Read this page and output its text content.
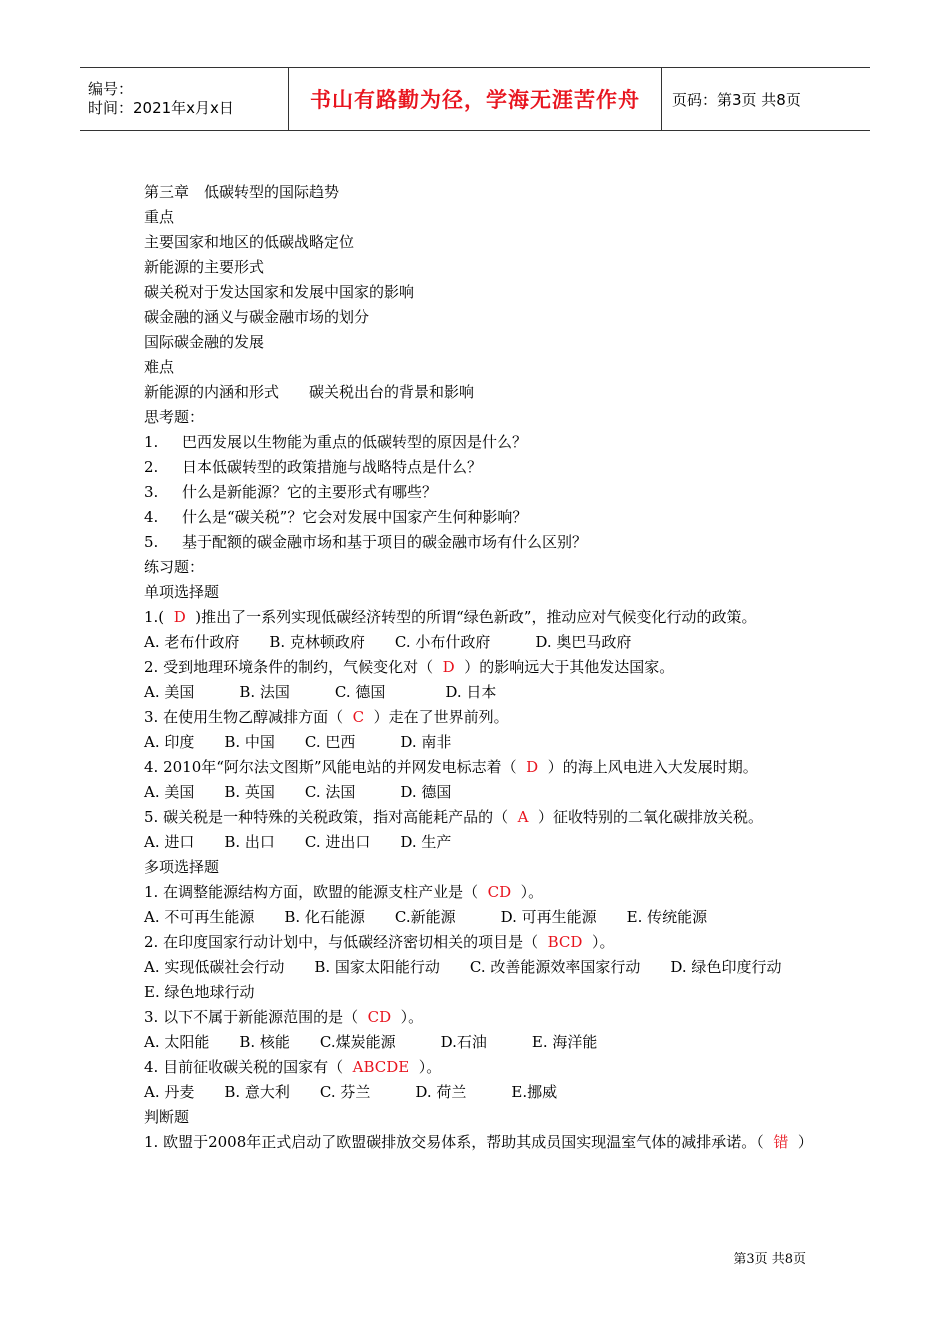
编号：
时间：2021年x月x日	书山有路勤为径，学海无涯苦作舟 页码：第3页 共8页
第三章　低碳转型的国际趋势
重点
主要国家和地区的低碳战略定位
新能源的主要形式
碳关税对于发达国家和发展中国家的影响
碳金融的涵义与碳金融市场的划分
国际碳金融的发展
难点
新能源的内涵和形式　　碳关税出台的背景和影响
思考题：
1. 巴西发展以生物能为重点的低碳转型的原因是什么？
2. 日本低碳转型的政策措施与战略特点是什么？
3. 什么是新能源？它的主要形式有哪些？
4. 什么是“碳关税”？它会对发展中国家产生何种影响？
5. 基于配额的碳金融市场和基于项目的碳金融市场有什么区别？
练习题：
单项选择题
1.(  D  )推出了一系列实现低碳经济转型的所谓“绿色新政”，推动应对气候变化行动的政策。
A. 老布什政府　　B. 克林顿政府　　C. 小布什政府　　　D. 奥巴马政府
2. 受到地理环境条件的制约，气候变化对（  D  ）的影响远大于其他发达国家。
A. 美国　　　B. 法国　　　C. 德国　　　　D. 日本
3. 在使用生物乙醇减排方面（  C  ）走在了世界前列。
A. 印度　　B. 中国　　C. 巴西　　　D. 南非
4. 2010年“阿尔法文图斯”风能电站的并网发电标志着（  D  ）的海上风电进入大发展时期。
A. 美国　　B. 英国　　C. 法国　　　D. 德国
5. 碳关税是一种特殊的关税政策，指对高能耗产品的（  A  ）征收特别的二氧化碳排放关税。
A. 进口　　B. 出口　　C. 进出口　　D. 生产
多项选择题
1. 在调整能源结构方面，欧盟的能源支柱产业是（  CD  ）。
A. 不可再生能源　　B. 化石能源　　C.新能源　　　D. 可再生能源　　E. 传统能源
2. 在印度国家行动计划中，与低碳经济密切相关的项目是（  BCD  ）。
A. 实现低碳社会行动　　B. 国家太阳能行动　　C. 改善能源效率国家行动　　D. 绿色印度行动　　　E. 绿色地球行动
3. 以下不属于新能源范围的是（  CD  ）。
A. 太阳能　　B. 核能　　C.煤炭能源　　　D.石油　　　E. 海洋能
4. 目前征收碳关税的国家有（  ABCDE  ）。
A. 丹麦　　B. 意大利　　C. 芬兰　　　D. 荷兰　　　E.挪威
判断题
1. 欧盟于2008年正式启动了欧盟碳排放交易体系，帮助其成员国实现温室气体的减排承诺。（  错  ）
第3页 共8页
